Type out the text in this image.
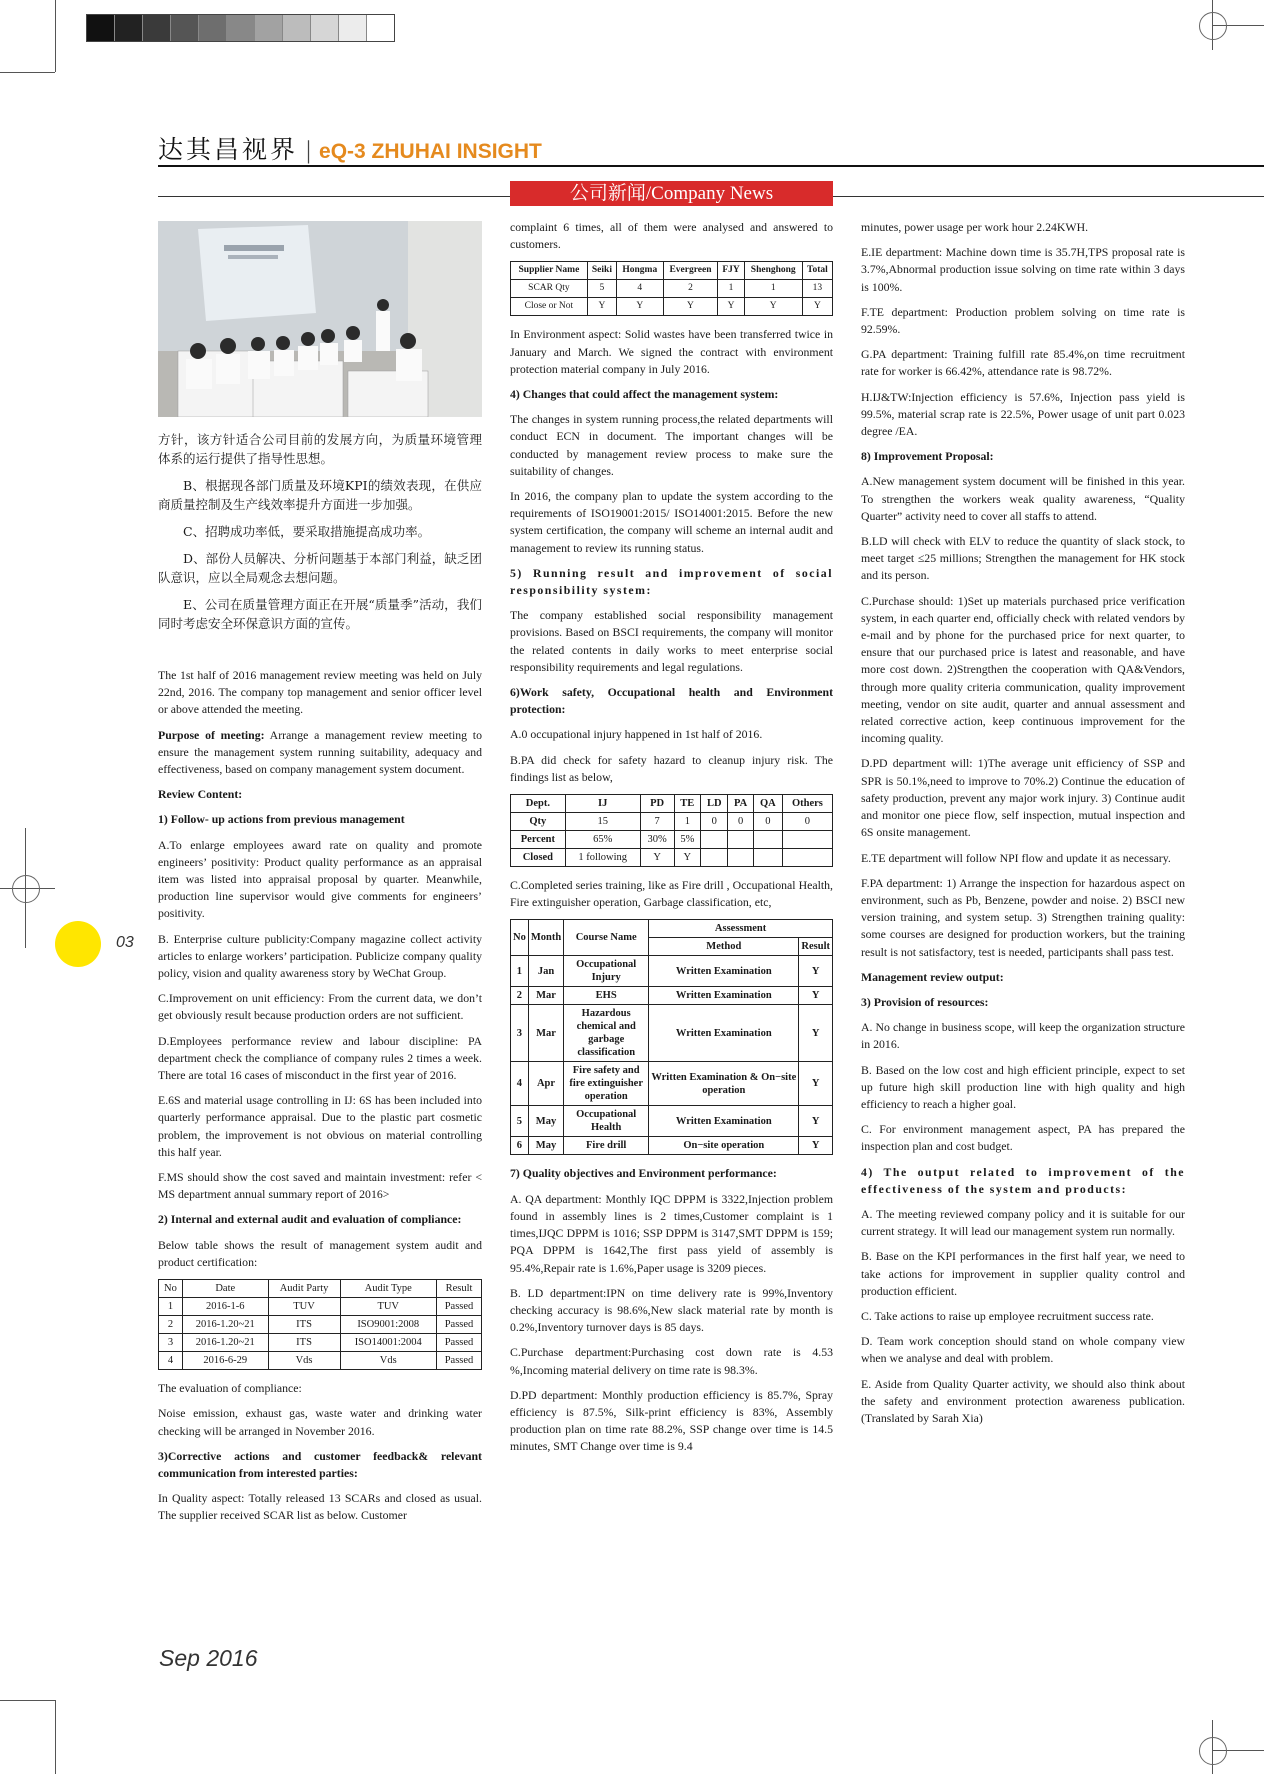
达其昌视界 | eQ-3 ZHUHAI INSIGHT
公司新闻/Company News

方针，该方针适合公司目前的发展方向，为质量环境管理体系的运行提供了指导性思想。

B、根据现各部门质量及环境KPI的绩效表现，在供应商质量控制及生产线效率提升方面进一步加强。

C、招聘成功率低，要采取措施提高成功率。

D、部份人员解决、分析问题基于本部门利益，缺乏团队意识，应以全局观念去想问题。

E、公司在质量管理方面正在开展“质量季”活动，我们同时考虑安全环保意识方面的宣传。

The 1st half of 2016 management review meeting was held on July 22nd, 2016. The company top management and senior officer level or above attended the meeting.

Purpose of meeting: Arrange a management review meeting to ensure the management system running suitability, adequacy and effectiveness, based on company management system document.

Review Content:

1) Follow- up actions from previous management

A.To enlarge employees award rate on quality and promote engineers’ positivity: Product quality performance as an appraisal item was listed into appraisal proposal by quarter. Meanwhile, production line supervisor would give comments for engineers’ positivity.

B. Enterprise culture publicity:Company magazine collect activity articles to enlarge workers’ participation. Publicize company quality policy, vision and quality awareness story by WeChat Group.

C.Improvement on unit efficiency: From the current data, we don’t get obviously result because production orders are not sufficient.

D.Employees performance review and labour discipline: PA department check the compliance of company rules 2 times a week. There are total 16 cases of misconduct in the first year of 2016.

E.6S and material usage controlling in IJ: 6S has been included into quarterly performance appraisal. Due to the plastic part cosmetic problem, the improvement is not obvious on material controlling this half year.

F.MS should show the cost saved and maintain investment: refer < MS department annual summary report of 2016>

2) Internal and external audit and evaluation of compliance:

Below table shows the result of management system audit and product certification:

No	Date	Audit Party	Audit Type	Result
1	2016-1-6	TUV	TUV	Passed
2	2016-1.20~21	ITS	ISO9001:2008	Passed
3	2016-1.20~21	ITS	ISO14001:2004	Passed
4	2016-6-29	Vds	Vds	Passed

The evaluation of compliance:

Noise emission, exhaust gas, waste water and drinking water checking will be arranged in November 2016.

3)Corrective actions and customer feedback& relevant communication from interested parties:

In Quality aspect: Totally released 13 SCARs and closed as usual. The supplier received SCAR list as below. Customer

complaint 6 times, all of them were analysed and answered to customers.

Supplier Name	Seiki	Hongma	Evergreen	FJY	Shenghong	Total
SCAR Qty	5	4	2	1	1	13
Close or Not	Y	Y	Y	Y	Y	Y

In Environment aspect: Solid wastes have been transferred twice in January and March. We signed the contract with environment protection material company in July 2016.

4) Changes that could affect the management system:

The changes in system running process,the related departments will conduct ECN in document. The important changes will be conducted by management review process to make sure the suitability of changes.

In 2016, the company plan to update the system according to the requirements of ISO19001:2015/ ISO14001:2015. Before the new system certification, the company will scheme an internal audit and management to review its running status.

5) Running result and improvement of social responsibility system:

The company established social responsibility management provisions. Based on BSCI requirements, the company will monitor the related contents in daily works to meet enterprise social responsibility requirements and legal regulations.

6)Work safety, Occupational health and Environment protection:

A.0 occupational injury happened in 1st half of 2016.

B.PA did check for safety hazard to cleanup injury risk. The findings list as below,

Dept.	IJ	PD	TE	LD	PA	QA	Others
Qty	15	7	1	0	0	0	0
Percent	65%	30%	5%				
Closed	1 following	Y	Y				

C.Completed series training, like as Fire drill , Occupational Health, Fire extinguisher operation, Garbage classification, etc,

No	Month	Course Name	Assessment	
			Method	Result
1	Jan	Occupational Injury	Written Examination	Y
2	Mar	EHS	Written Examination	Y
3	Mar	Hazardous chemical and garbage classification	Written Examination	Y
4	Apr	Fire safety and fire extinguisher operation	Written Examination & On−site operation	Y
5	May	Occupational Health	Written Examination	Y
6	May	Fire drill	On−site operation	Y

7) Quality objectives and Environment performance:

A. QA department: Monthly IQC DPPM is 3322,Injection problem found in assembly lines is 2 times,Customer complaint is 1 times,IJQC DPPM is 1016; SSP DPPM is 3147,SMT DPPM is 159; PQA DPPM is 1642,The first pass yield of assembly is 95.4%,Repair rate is 1.6%,Paper usage is 3209 pieces.

B. LD department:IPN on time delivery rate is 99%,Inventory checking accuracy is 98.6%,New slack material rate by month is 0.2%,Inventory turnover days is 85 days.

C.Purchase department:Purchasing cost down rate is 4.53 %,Incoming material delivery on time rate is 98.3%.

D.PD department: Monthly production efficiency is 85.7%, Spray efficiency is 87.5%, Silk-print efficiency is 83%, Assembly production plan on time rate 88.2%, SSP change over time is 14.5 minutes, SMT Change over time is 9.4

minutes, power usage per work hour 2.24KWH.

E.IE department: Machine down time is 35.7H,TPS proposal rate is 3.7%,Abnormal production issue solving on time rate within 3 days is 100%.

F.TE department: Production problem solving on time rate is 92.59%.

G.PA department: Training fulfill rate 85.4%,on time recruitment rate for worker is 66.42%, attendance rate is 98.72%.

H.IJ&TW:Injection efficiency is 57.6%, Injection pass yield is 99.5%, material scrap rate is 22.5%, Power usage of unit part 0.023 degree /EA.

8) Improvement Proposal:

A.New management system document will be finished in this year. To strengthen the workers weak quality awareness, “Quality Quarter” activity need to cover all staffs to attend.

B.LD will check with ELV to reduce the quantity of slack stock, to meet target ≤25 millions; Strengthen the management for HK stock and its person.

C.Purchase should: 1)Set up materials purchased price verification system, in each quarter end, officially check with related vendors by e-mail and by phone for the purchased price for next quarter, to ensure that our purchased price is latest and reasonable, and have more cost down. 2)Strengthen the cooperation with QA&Vendors, through more quality criteria communication, quality improvement meeting, vendor on site audit, quarter and annual assessment and related corrective action, keep continuous improvement for the incoming quality.

D.PD department will: 1)The average unit efficiency of SSP and SPR is 50.1%,need to improve to 70%.2) Continue the education of safety production, prevent any major work injury. 3) Continue audit and monitor one piece flow, self inspection, mutual inspection and 6S onsite management.

E.TE department will follow NPI flow and update it as necessary.

F.PA department: 1) Arrange the inspection for hazardous aspect on environment, such as Pb, Benzene, powder and noise. 2) BSCI new version training, and system setup. 3) Strengthen training quality: some courses are designed for production workers, but the training result is not satisfactory, test is needed, participants shall pass test.

Management review output:

3) Provision of resources:

A. No change in business scope, will keep the organization structure in 2016.

B. Based on the low cost and high efficient principle, expect to set up future high skill production line with high quality and high efficiency to reach a higher goal.

C. For environment management aspect, PA has prepared the inspection plan and cost budget.

4) The output related to improvement of the effectiveness of the system and products:

A. The meeting reviewed company policy and it is suitable for our current strategy. It will lead our management system run normally.

B. Base on the KPI performances in the first half year, we need to take actions for improvement in supplier quality control and production efficient.

C. Take actions to raise up employee recruitment success rate.

D. Team work conception should stand on whole company view when we analyse and deal with problem.

E. Aside from Quality Quarter activity, we should also think about the safety and environment protection awareness publication.(Translated by Sarah Xia)

03
Sep 2016
